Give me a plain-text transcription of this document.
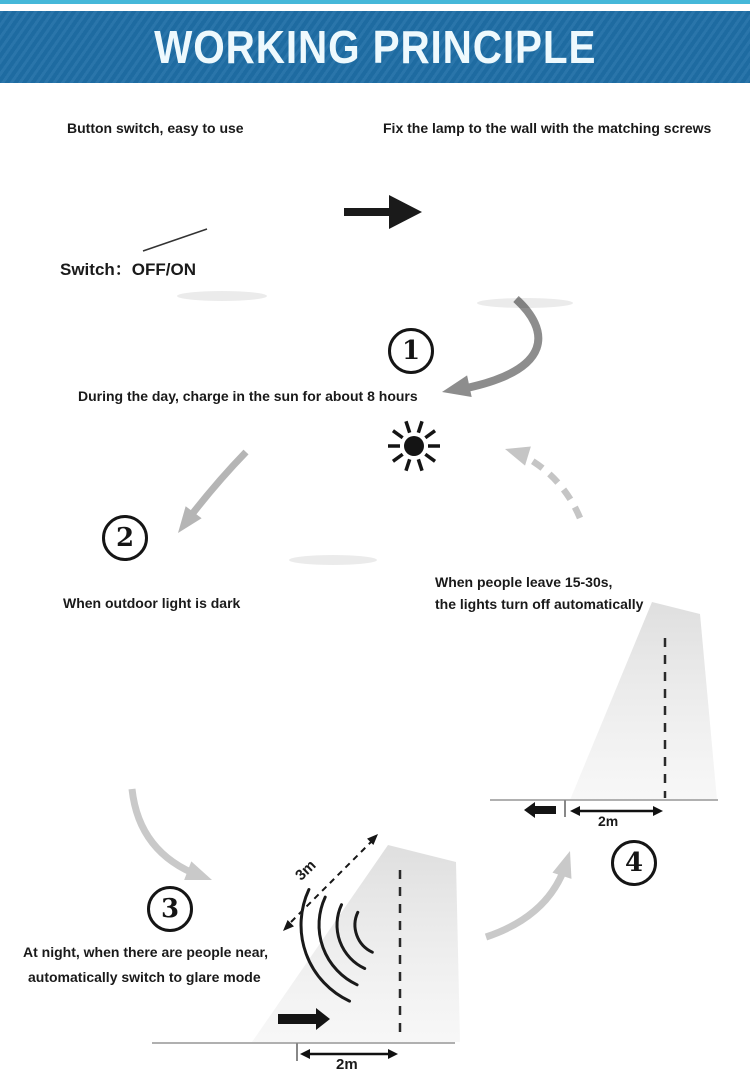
WORKING PRINCIPLE
Button switch, easy to use	Fix the lamp to the wall with the matching screws
Switch：OFF/ON
During the day, charge in the sun for about 8 hours
When outdoor light is dark
When people leave 15-30s,
the lights turn off automatically
At night, when there are people near,
automatically switch to glare mode
2m
2m
3m
1
2
3
4
